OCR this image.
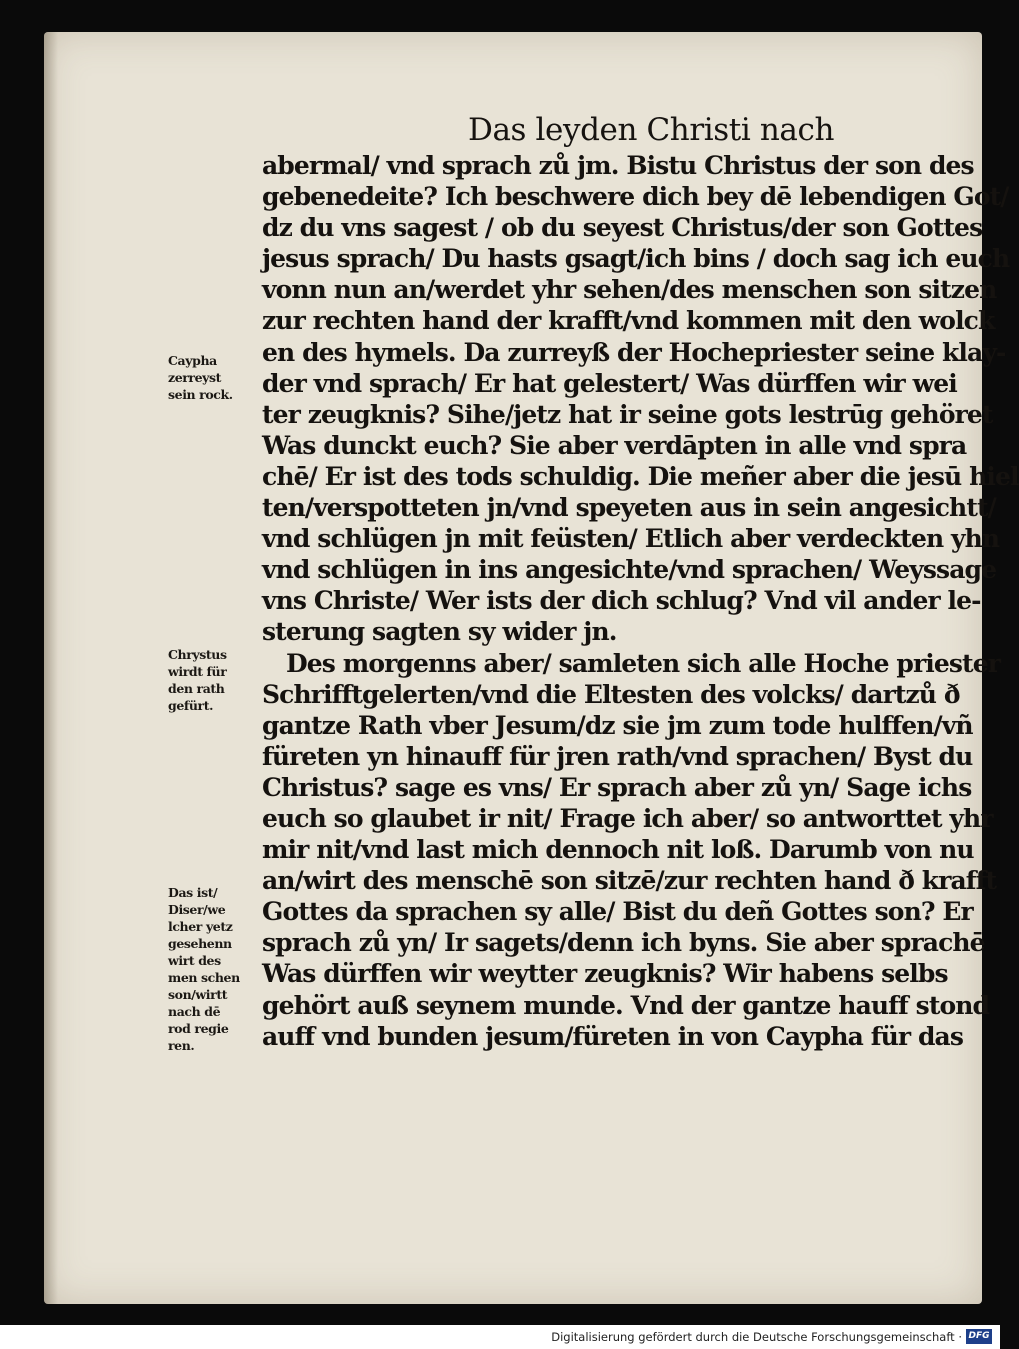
Das leyden Christi nach
abermal/ vnd sprach zů jm. Bistu Christus der son des
gebenedeite? Ich beschwere dich bey dē lebendigen Got/
dz du vns sagest / ob du seyest Christus/der son Gottes
jesus sprach/ Du hasts gsagt/ich bins / doch sag ich euch
vonn nun an/werdet yhr sehen/des menschen son sitzen
zur rechten hand der krafft/vnd kommen mit den wolck
en des hymels. Da zurreyß der Hochepriester seine klay-
der vnd sprach/ Er hat gelestert/ Was dürffen wir wei
ter zeugknis? Sihe/jetz hat ir seine gots lestrūg gehöret
Was dunckt euch? Sie aber verdāpten in alle vnd spra
chē/ Er ist des tods schuldig. Die meñer aber die jesū hiel
ten/verspotteten jn/vnd speyeten aus in sein angesichtt/
vnd schlügen jn mit feüsten/ Etlich aber verdeckten yhn
vnd schlügen in ins angesichte/vnd sprachen/ Weyssage
vns Christe/ Wer ists der dich schlug? Vnd vil ander le-
sterung sagten sy wider jn.
Des morgenns aber/ samleten sich alle Hoche priester
Schrifftgelerten/vnd die Eltesten des volcks/ dartzů ð
gantze Rath vber Jesum/dz sie jm zum tode hulffen/vñ
füreten yn hinauff für jren rath/vnd sprachen/ Byst du
Christus? sage es vns/ Er sprach aber zů yn/ Sage ichs
euch so glaubet ir nit/ Frage ich aber/ so antworttet yhr
mir nit/vnd last mich dennoch nit loß. Darumb von nu
an/wirt des menschē son sitzē/zur rechten hand ð krafft
Gottes da sprachen sy alle/ Bist du deñ Gottes son? Er
sprach zů yn/ Ir sagets/denn ich byns. Sie aber sprachē
Was dürffen wir weytter zeugknis? Wir habens selbs
gehört auß seynem munde. Vnd der gantze hauff stond
auff vnd bunden jesum/füreten in von Caypha für das
Caypha
zerreyst
sein rock.
Chrystus
wirdt für
den rath
gefürt.
Das ist/
Diser/we
lcher yetz
gesehenn
wirt des
men schen
son/wirtt
nach dē
rod regie
ren.
Digitalisierung gefördert durch die Deutsche Forschungsgemeinschaft · DFG
